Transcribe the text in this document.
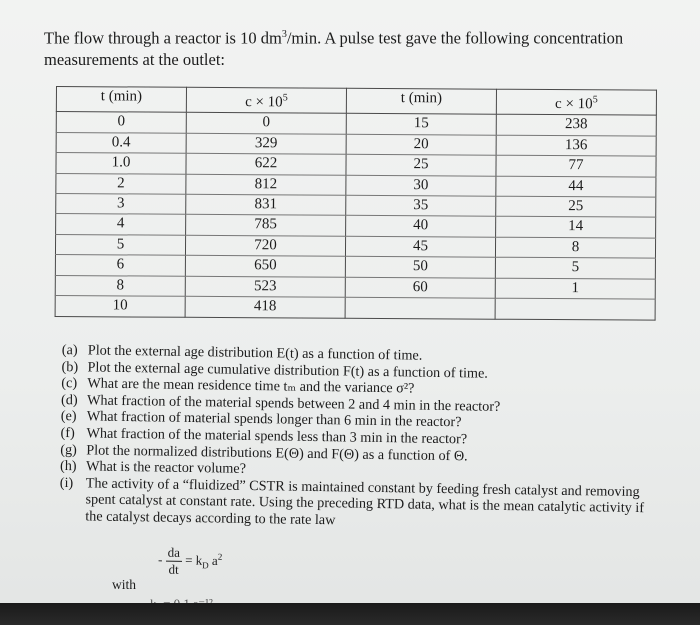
The flow through a reactor is 10 $dm^3/\min$. A pulse test gave the following concentration
measurements at the outlet:
t (min)	$c \times 10^5$	t (min)	$c \times 10^5$
0	0	15	238
0.4	329	20	136
1.0	622	25	77
2	812	30	44
3	831	35	25
4	785	40	14
5	720	45	8
6	650	50	5
8	523	60	1
10	418		
(a) Plot the external age distribution E(t) as a function of time.
(b) Plot the external age cumulative distribution F(t) as a function of time.
(c) What are the mean residence time tₘ and the variance σ²?
(d) What fraction of the material spends between 2 and 4 min in the reactor?
(e) What fraction of material spends longer than 6 min in the reactor?
(f) What fraction of the material spends less than 3 min in the reactor?
(g) Plot the normalized distributions E(Θ) and F(Θ) as a function of Θ.
(h) What is the reactor volume?
(i) The activity of a “fluidized” CSTR is maintained constant by feeding fresh catalyst and removing spent catalyst at constant rate. Using the preceding RTD data, what is the mean catalytic activity if the catalyst decays according to the rate law
- $\frac{da}{dt} = k_D$ $a^2$
with
